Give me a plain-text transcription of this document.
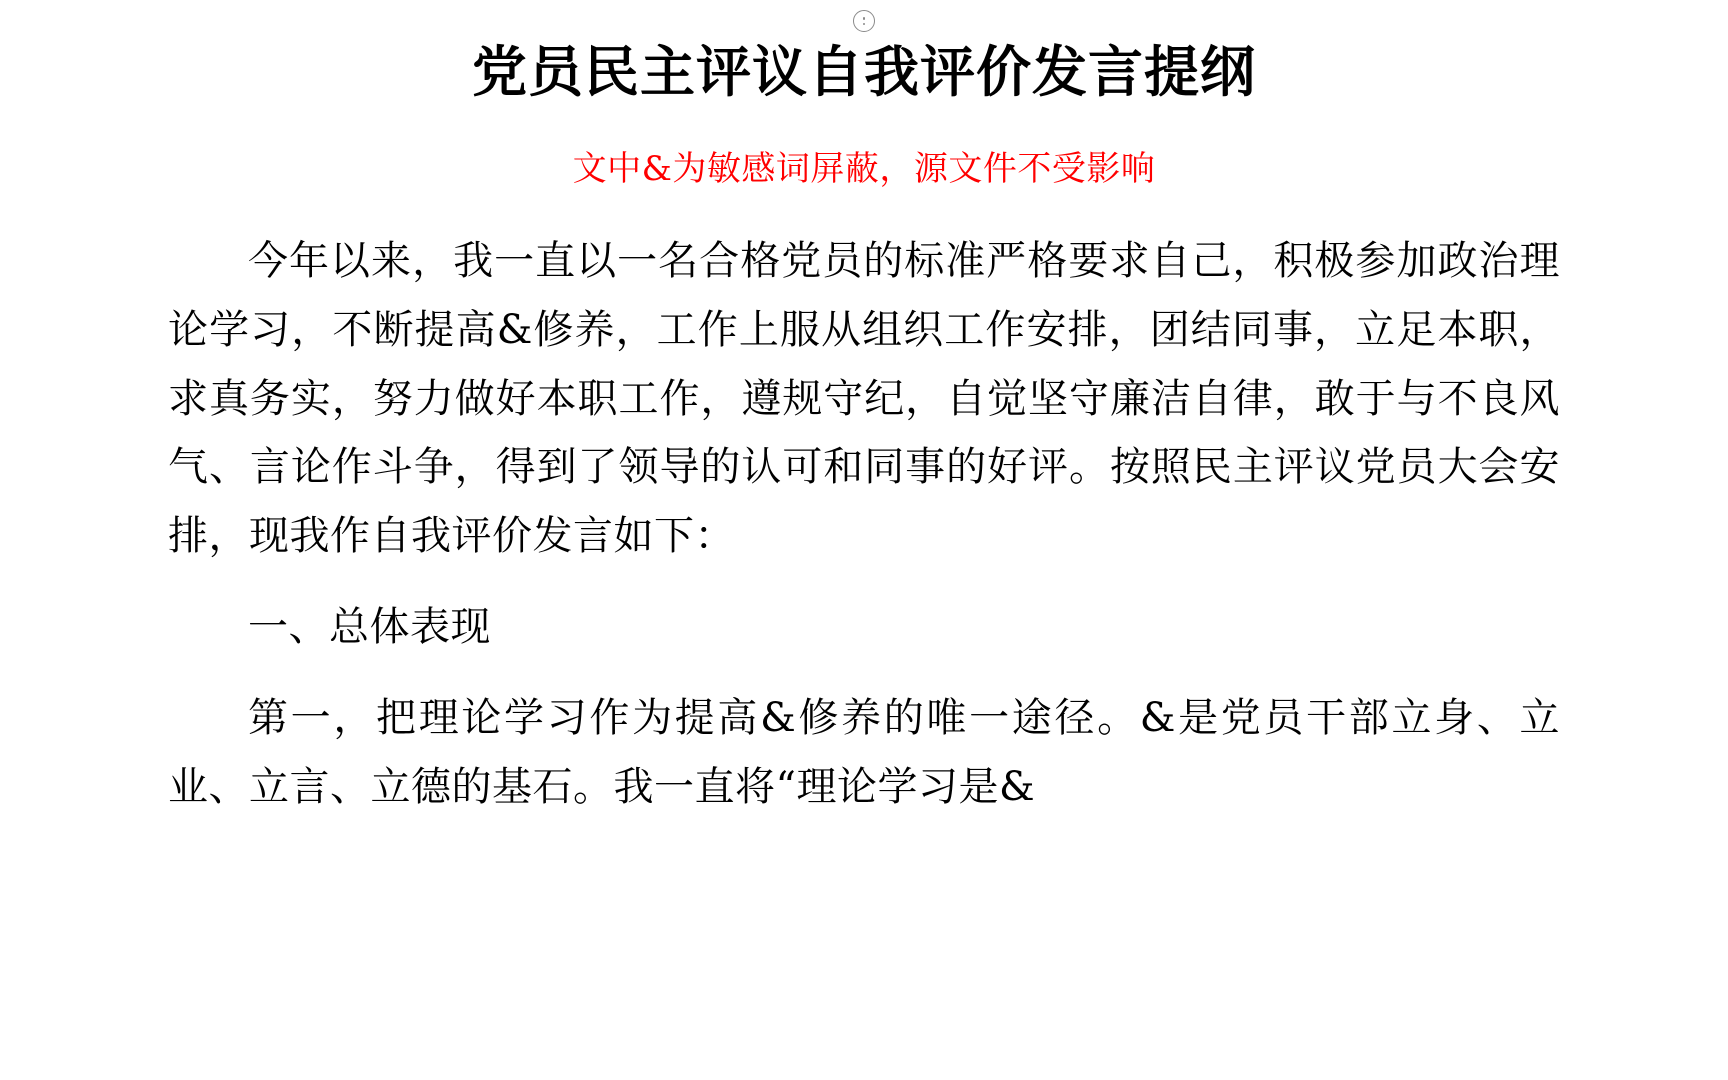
党员民主评议自我评价发言提纲
文中&为敏感词屏蔽，源文件不受影响

今年以来，我一直以一名合格党员的标准严格要求自己，积极参加政治理论学习，不断提高&修养，工作上服从组织工作安排，团结同事，立足本职，求真务实，努力做好本职工作，遵规守纪，自觉坚守廉洁自律，敢于与不良风气、言论作斗争，得到了领导的认可和同事的好评。按照民主评议党员大会安排，现我作自我评价发言如下：

一、总体表现

第一，把理论学习作为提高&修养的唯一途径。&是党员干部立身、立业、立言、立德的基石。我一直将“理论学习是&
